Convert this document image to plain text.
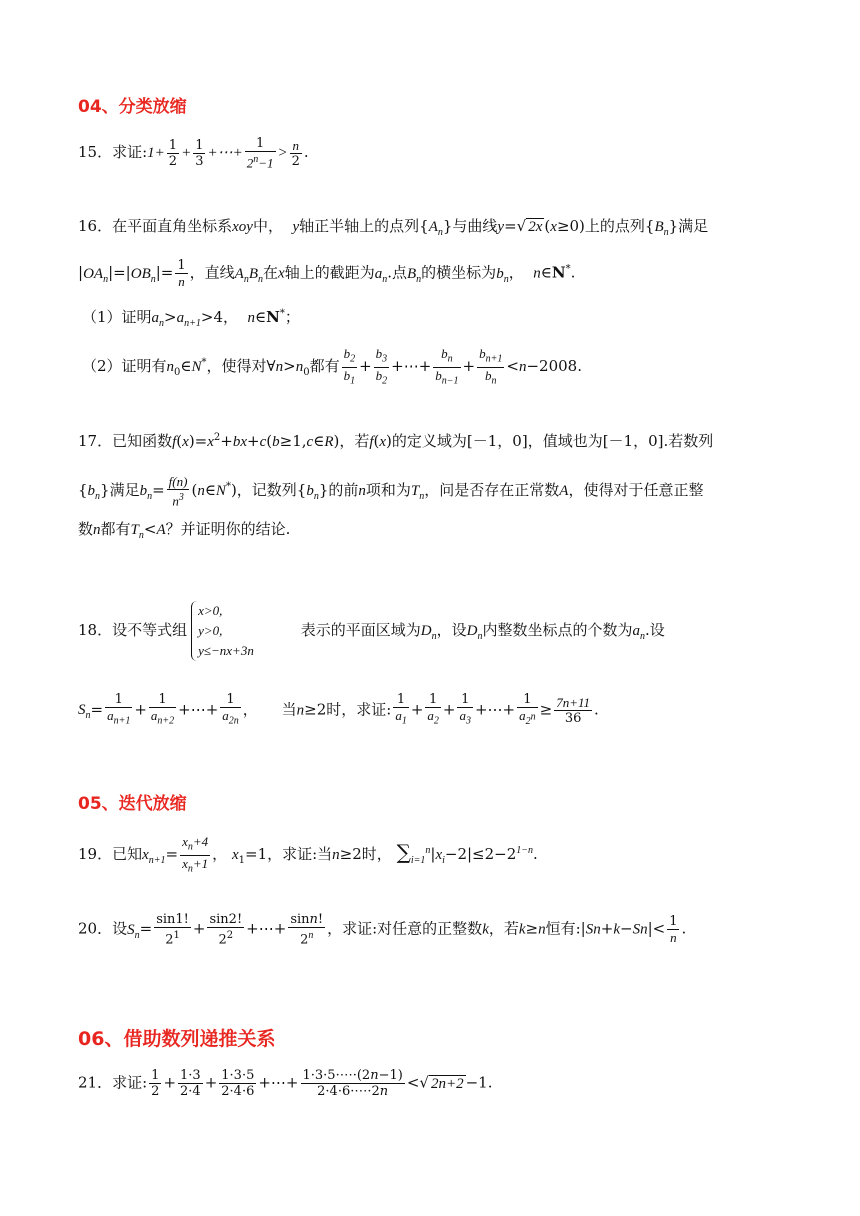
04、分类放缩
15．求证:1+ $\frac{1}{2} + \frac{1}{3}$ +⋯+ $\frac{1}{2^n-1} > \frac{n}{2}$ .
16．在平面直角坐标系xoy中，  y轴正半轴上的点列$\{A_n\}$与曲线y=√ 2x (x≥0)上的点列$\{B_n\}$满足
$|OA_n|=|OB_n|= \frac{1}{n}$ ，直线$A_nB_n$在x轴上的截距为$a_n$.点$B_n$的横坐标为$b_n$，  n∈N*.
（1）证明$a_n>a_{n+1}>4$，  n∈N*；
（2）证明有$n_0\in N^*$，使得对$\forall n>n_0$都有 $\frac{b_2}{b_1} + \frac{b_3}{b_2}$ +⋯+ $\frac{b_n}{b_{n-1}} + \frac{b_{n+1}}{b_n} <n-2008$.
17．已知函数$f(x)=x^2+bx+c(b\ge 1,c\in R)$，若f(x)的定义域为[－1，0]，值域也为[－1，0].若数列
$\{b_n\}$满足$b_n= \frac{f(n)}{n^3}$ (n∈N*)，记数列$\{b_n\}$的前n项和为$T_n$，问是否存在正常数A，使得对于任意正整
数n都有$T_n<A$？并证明你的结论.
18．设不等式组
x>0,
y>0,
y≤−nx+3n
表示的平面区域为$D_n$，设$D_n$内整数坐标点的个数为$a_n$.设
$S_n= \frac{1}{a_{n+1}} + \frac{1}{a_{n+2}}$ +⋯+ $\frac{1}{a_{2n}}$ ，     当n≥2时，求证: $\frac{1}{a_1} + \frac{1}{a_2} + \frac{1}{a_3}$ +⋯+ $\frac{1}{a_{2^n}} \ge \frac{7n+11}{36}$ .
05、迭代放缩
19．已知$x_{n+1}= \frac{x_n+4}{x_n+1}$ ， $x_1=1$，求证:当n≥2时， $\sum_{i=1}^n|x_i-2|\le 2-2^{1-n}$.
20．设$S_n= \frac{\sin 1!}{2^1} + \frac{\sin 2!}{2^2}$ +⋯+ $\frac{\sin n!}{2^n}$ ，求证:对任意的正整数k，若k≥n恒有:|Sn+k−Sn|< $\frac{1}{n}$ .
06、借助数列递推关系
21．求证: $\frac{1}{2} + \frac{1\cdot 3}{2\cdot 4} + \frac{1\cdot 3\cdot 5}{2\cdot 4\cdot 6}$ +⋯+ $\frac{1\cdot 3\cdot 5\cdot\cdots\cdot(2n-1)}{2\cdot 4\cdot 6\cdot\cdots\cdot 2n}$ <√ 2n+2 −1.
